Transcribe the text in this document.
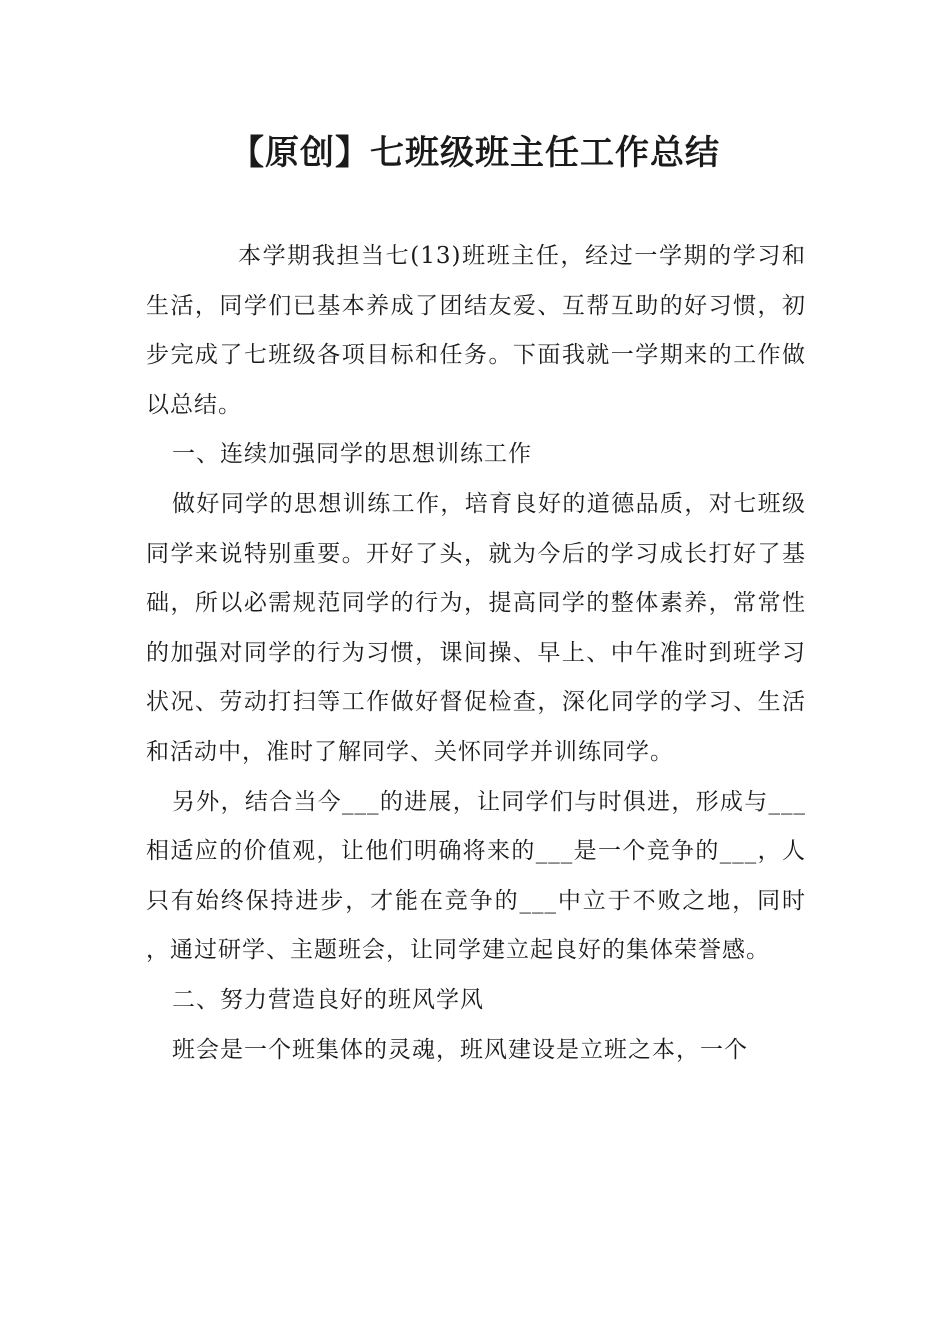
【原创】七班级班主任工作总结

本学期我担当七(13)班班主任，经过一学期的学习和生活，同学们已基本养成了团结友爱、互帮互助的好习惯，初步完成了七班级各项目标和任务。下面我就一学期来的工作做以总结。

一、连续加强同学的思想训练工作

做好同学的思想训练工作，培育良好的道德品质，对七班级同学来说特别重要。开好了头，就为今后的学习成长打好了基础，所以必需规范同学的行为，提高同学的整体素养，常常性的加强对同学的行为习惯，课间操、早上、中午准时到班学习状况、劳动打扫等工作做好督促检查，深化同学的学习、生活和活动中，准时了解同学、关怀同学并训练同学。

另外，结合当今___的进展，让同学们与时俱进，形成与___相适应的价值观，让他们明确将来的___是一个竞争的___，人只有始终保持进步，才能在竞争的___中立于不败之地，同时，通过研学、主题班会，让同学建立起良好的集体荣誉感。

二、努力营造良好的班风学风

班会是一个班集体的灵魂，班风建设是立班之本，一个
